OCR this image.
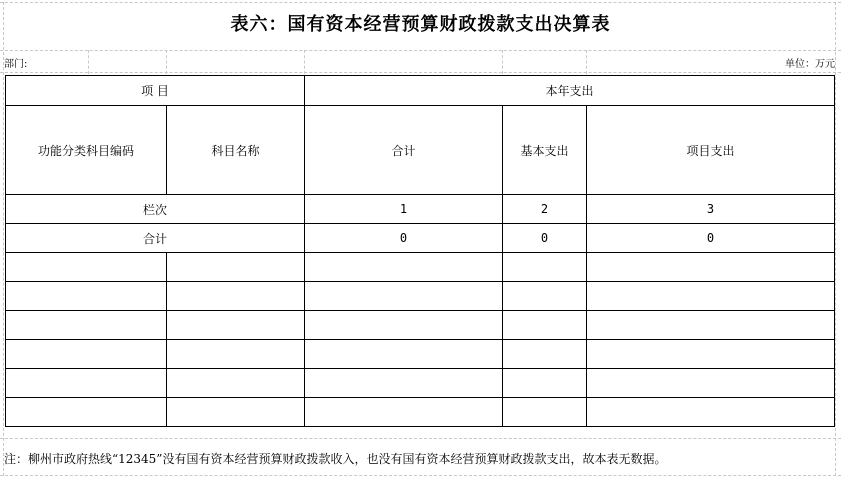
表六：国有资本经营预算财政拨款支出决算表
部门:	单位：万元
项 目		本年支出		
功能分类科目编码	科目名称	合计	基本支出	项目支出
栏次		1	2	3
合计		0	0	0

注：柳州市政府热线“12345”没有国有资本经营预算财政拨款收入，也没有国有资本经营预算财政拨款支出，故本表无数据。
